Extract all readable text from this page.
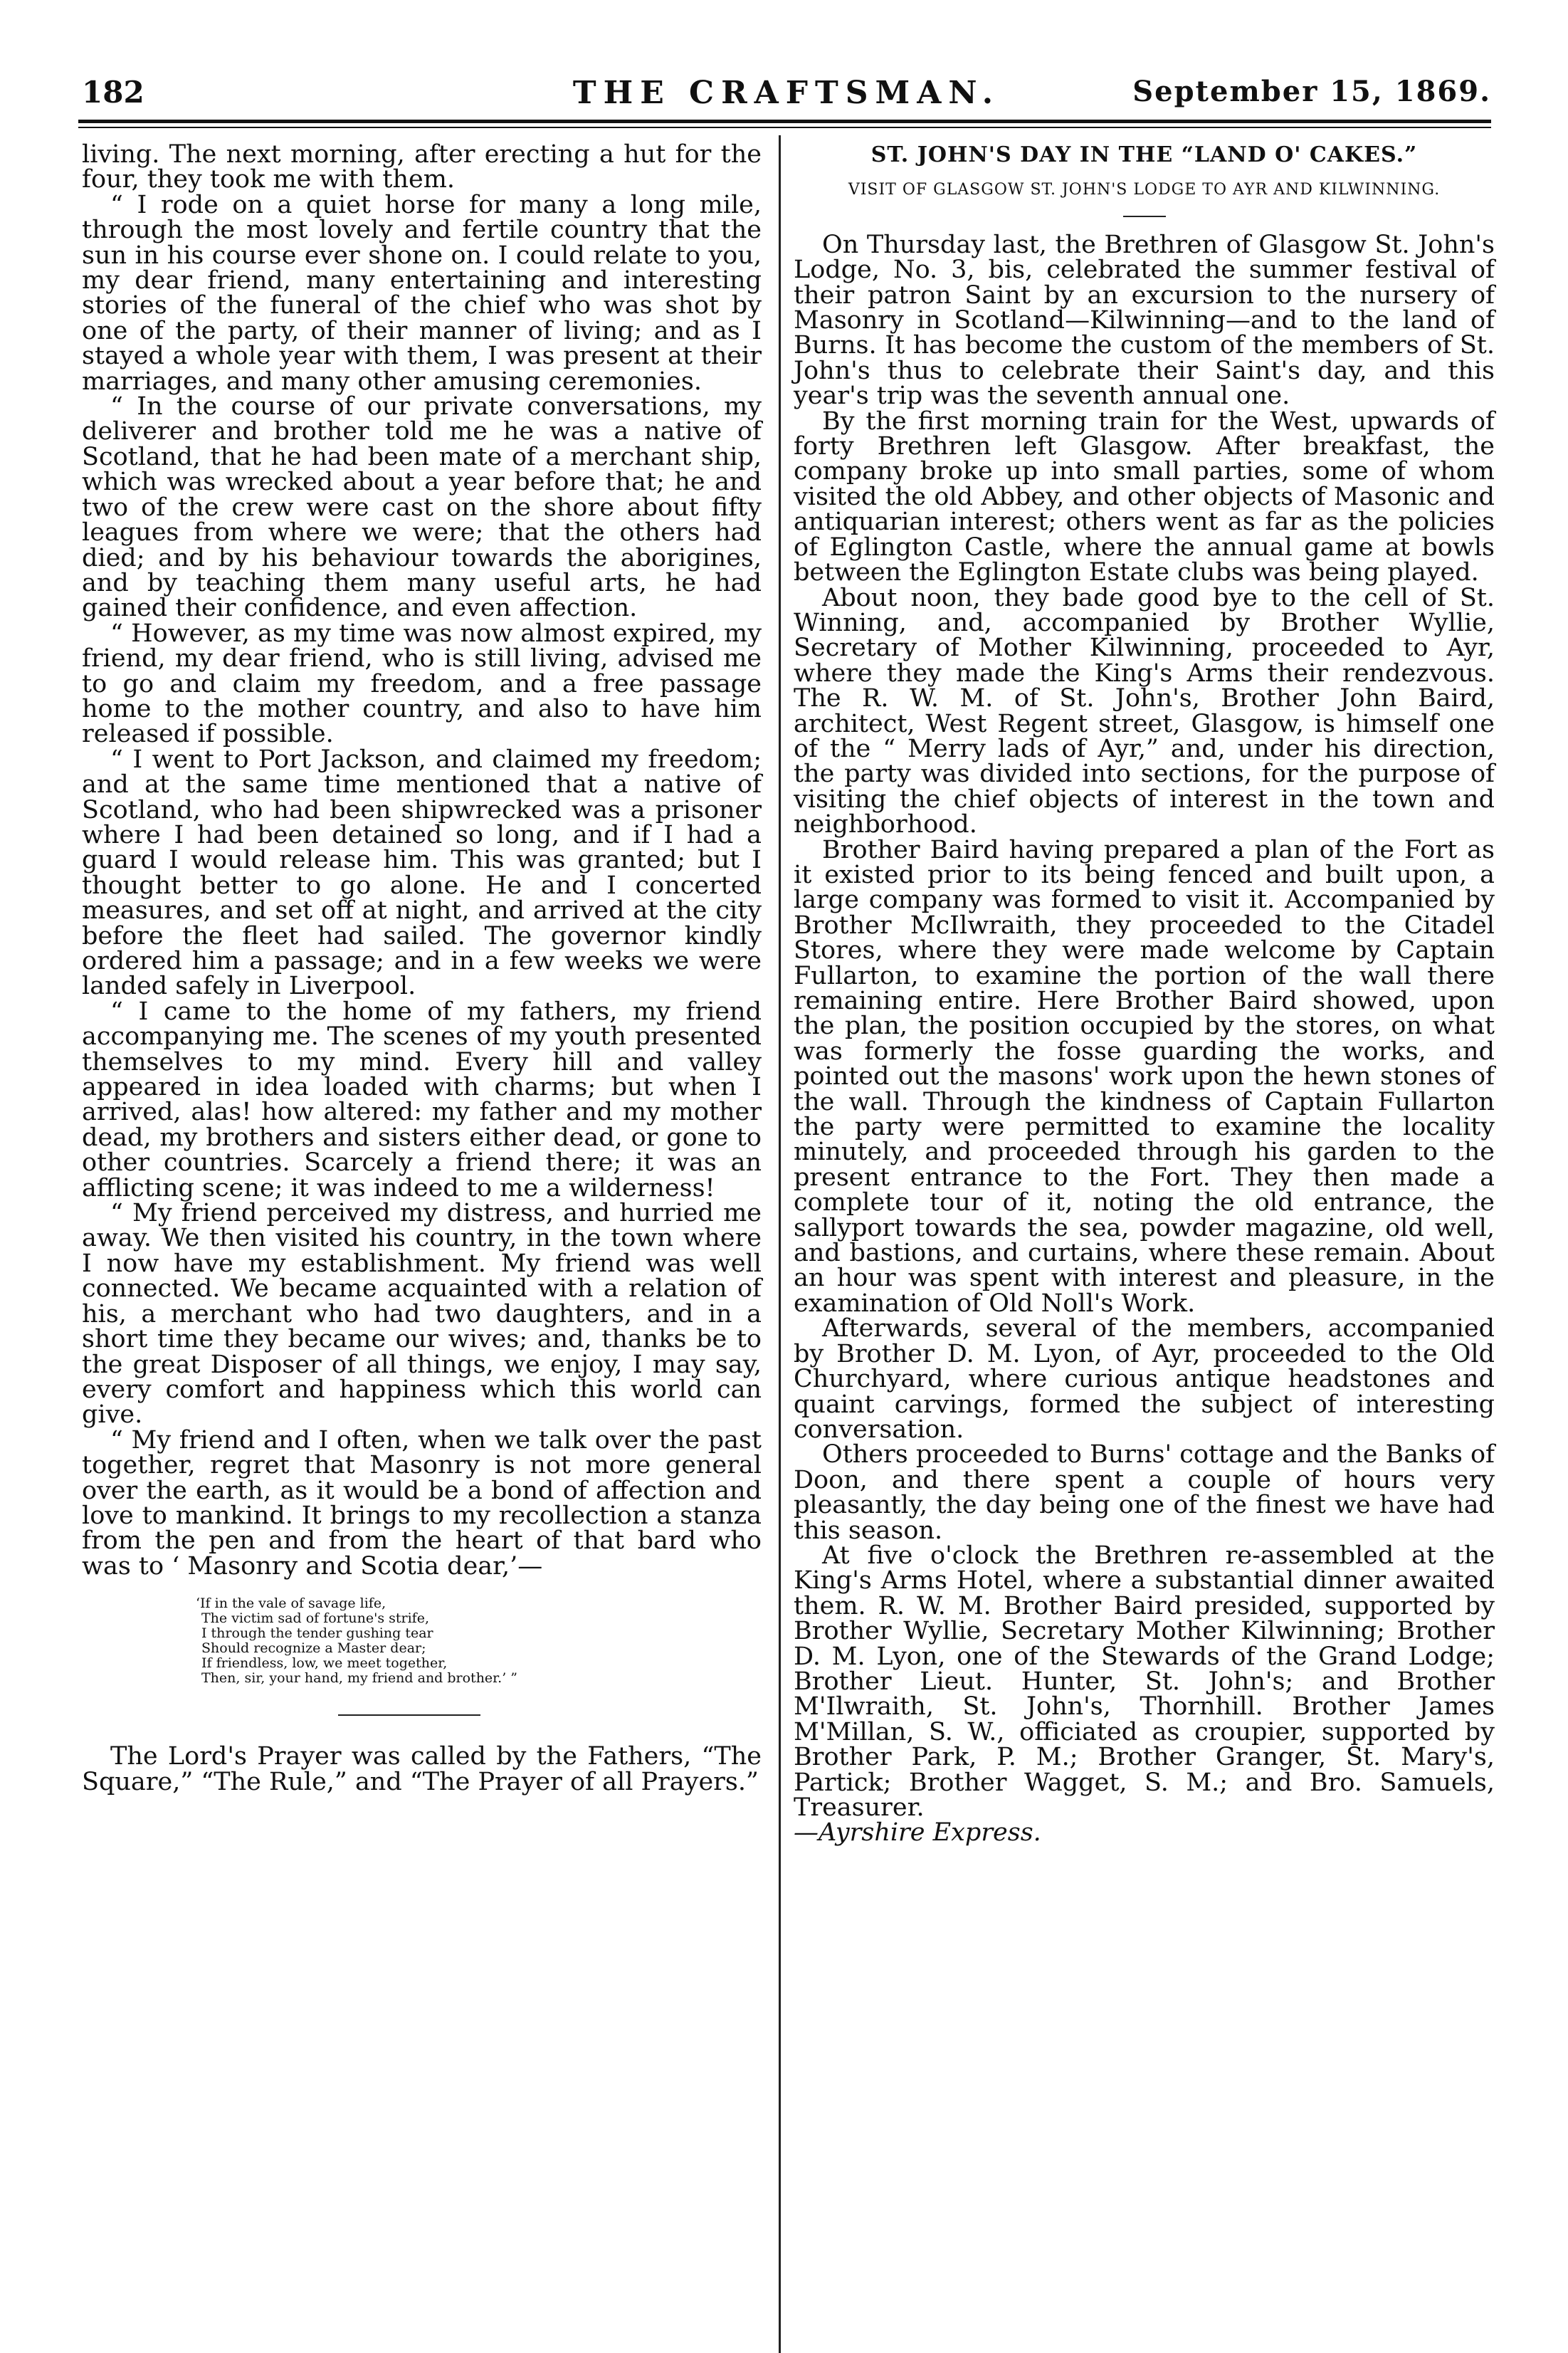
182	THE CRAFTSMAN.	September 15, 1869.

living. The next morning, after erecting a hut for the four, they took me with them.

“ I rode on a quiet horse for many a long mile, through the most lovely and fertile country that the sun in his course ever shone on. I could relate to you, my dear friend, many entertaining and interesting stories of the funeral of the chief who was shot by one of the party, of their manner of living; and as I stayed a whole year with them, I was present at their marriages, and many other amusing ceremonies.

“ In the course of our private conversations, my deliverer and brother told me he was a native of Scotland, that he had been mate of a merchant ship, which was wrecked about a year before that; he and two of the crew were cast on the shore about fifty leagues from where we were; that the others had died; and by his behaviour towards the aborigines, and by teaching them many useful arts, he had gained their confidence, and even affection.

“ However, as my time was now almost expired, my friend, my dear friend, who is still living, advised me to go and claim my freedom, and a free passage home to the mother country, and also to have him released if possible.

“ I went to Port Jackson, and claimed my freedom; and at the same time mentioned that a native of Scotland, who had been shipwrecked was a prisoner where I had been detained so long, and if I had a guard I would release him. This was granted; but I thought better to go alone. He and I concerted measures, and set off at night, and arrived at the city before the fleet had sailed. The governor kindly ordered him a passage; and in a few weeks we were landed safely in Liverpool.

“ I came to the home of my fathers, my friend accompanying me. The scenes of my youth presented themselves to my mind. Every hill and valley appeared in idea loaded with charms; but when I arrived, alas! how altered: my father and my mother dead, my brothers and sisters either dead, or gone to other countries. Scarcely a friend there; it was an afflicting scene; it was indeed to me a wilderness!

“ My friend perceived my distress, and hurried me away. We then visited his country, in the town where I now have my establishment. My friend was well connected. We became acquainted with a relation of his, a merchant who had two daughters, and in a short time they became our wives; and, thanks be to the great Disposer of all things, we enjoy, I may say, every comfort and happiness which this world can give.

“ My friend and I often, when we talk over the past together, regret that Masonry is not more general over the earth, as it would be a bond of affection and love to mankind. It brings to my recollection a stanza from the pen and from the heart of that bard who was to ‘ Masonry and Scotia dear,’—

‘If in the vale of savage life,
The victim sad of fortune's strife,
I through the tender gushing tear
Should recognize a Master dear;
If friendless, low, we meet together,
Then, sir, your hand, my friend and brother.’ ”

The Lord's Prayer was called by the Fathers, “The Square,” “The Rule,” and “The Prayer of all Prayers.”

ST. JOHN'S DAY IN THE “LAND O' CAKES.”
VISIT OF GLASGOW ST. JOHN'S LODGE TO AYR AND KILWINNING.

On Thursday last, the Brethren of Glasgow St. John's Lodge, No. 3, bis, celebrated the summer festival of their patron Saint by an excursion to the nursery of Masonry in Scotland—Kilwinning—and to the land of Burns. It has become the custom of the members of St. John's thus to celebrate their Saint's day, and this year's trip was the seventh annual one.

By the first morning train for the West, upwards of forty Brethren left Glasgow. After breakfast, the company broke up into small parties, some of whom visited the old Abbey, and other objects of Masonic and antiquarian interest; others went as far as the policies of Eglington Castle, where the annual game at bowls between the Eglington Estate clubs was being played.

About noon, they bade good bye to the cell of St. Winning, and, accompanied by Brother Wyllie, Secretary of Mother Kilwinning, proceeded to Ayr, where they made the King's Arms their rendezvous. The R. W. M. of St. John's, Brother John Baird, architect, West Regent street, Glasgow, is himself one of the “ Merry lads of Ayr,” and, under his direction, the party was divided into sections, for the purpose of visiting the chief objects of interest in the town and neighborhood.

Brother Baird having prepared a plan of the Fort as it existed prior to its being fenced and built upon, a large company was formed to visit it. Accompanied by Brother McIlwraith, they proceeded to the Citadel Stores, where they were made welcome by Captain Fullarton, to examine the portion of the wall there remaining entire. Here Brother Baird showed, upon the plan, the position occupied by the stores, on what was formerly the fosse guarding the works, and pointed out the masons' work upon the hewn stones of the wall. Through the kindness of Captain Fullarton the party were permitted to examine the locality minutely, and proceeded through his garden to the present entrance to the Fort. They then made a complete tour of it, noting the old entrance, the sallyport towards the sea, powder magazine, old well, and bastions, and curtains, where these remain. About an hour was spent with interest and pleasure, in the examination of Old Noll's Work.

Afterwards, several of the members, accompanied by Brother D. M. Lyon, of Ayr, proceeded to the Old Churchyard, where curious antique headstones and quaint carvings, formed the subject of interesting conversation.

Others proceeded to Burns' cottage and the Banks of Doon, and there spent a couple of hours very pleasantly, the day being one of the finest we have had this season.

At five o'clock the Brethren re-assembled at the King's Arms Hotel, where a substantial dinner awaited them. R. W. M. Brother Baird presided, supported by Brother Wyllie, Secretary Mother Kilwinning; Brother D. M. Lyon, one of the Stewards of the Grand Lodge; Brother Lieut. Hunter, St. John's; and Brother M'Ilwraith, St. John's, Thornhill. Brother James M'Millan, S. W., officiated as croupier, supported by Brother Park, P. M.; Brother Granger, St. Mary's, Partick; Brother Wagget, S. M.; and Bro. Samuels, Treasurer.

—Ayrshire Express.
